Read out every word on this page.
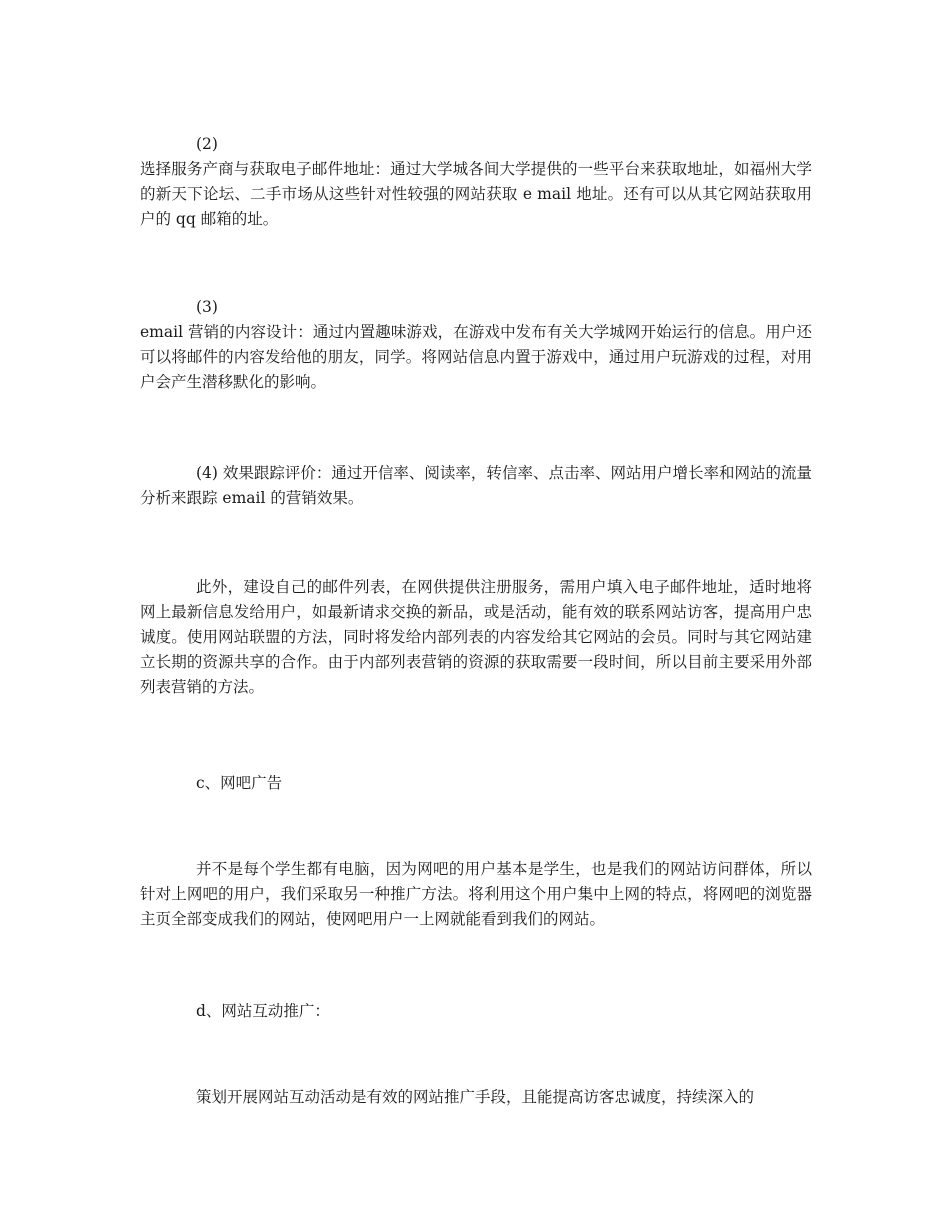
(2)

选择服务产商与获取电子邮件地址：通过大学城各间大学提供的一些平台来获取地址，如福州大学的新天下论坛、二手市场从这些针对性较强的网站获取 e mail 地址。还有可以从其它网站获取用户的 qq 邮箱的址。

(3)

email 营销的内容设计：通过内置趣味游戏，在游戏中发布有关大学城网开始运行的信息。用户还可以将邮件的内容发给他的朋友，同学。将网站信息内置于游戏中，通过用户玩游戏的过程，对用户会产生潜移默化的影响。

(4) 效果跟踪评价：通过开信率、阅读率，转信率、点击率、网站用户增长率和网站的流量分析来跟踪 email 的营销效果。

此外，建设自己的邮件列表，在网供提供注册服务，需用户填入电子邮件地址，适时地将网上最新信息发给用户，如最新请求交换的新品，或是活动，能有效的联系网站访客，提高用户忠诚度。使用网站联盟的方法，同时将发给内部列表的内容发给其它网站的会员。同时与其它网站建立长期的资源共享的合作。由于内部列表营销的资源的获取需要一段时间，所以目前主要采用外部列表营销的方法。

c、网吧广告

并不是每个学生都有电脑，因为网吧的用户基本是学生，也是我们的网站访问群体，所以针对上网吧的用户，我们采取另一种推广方法。将利用这个用户集中上网的特点，将网吧的浏览器主页全部变成我们的网站，使网吧用户一上网就能看到我们的网站。

d、网站互动推广：

策划开展网站互动活动是有效的网站推广手段，且能提高访客忠诚度，持续深入的
